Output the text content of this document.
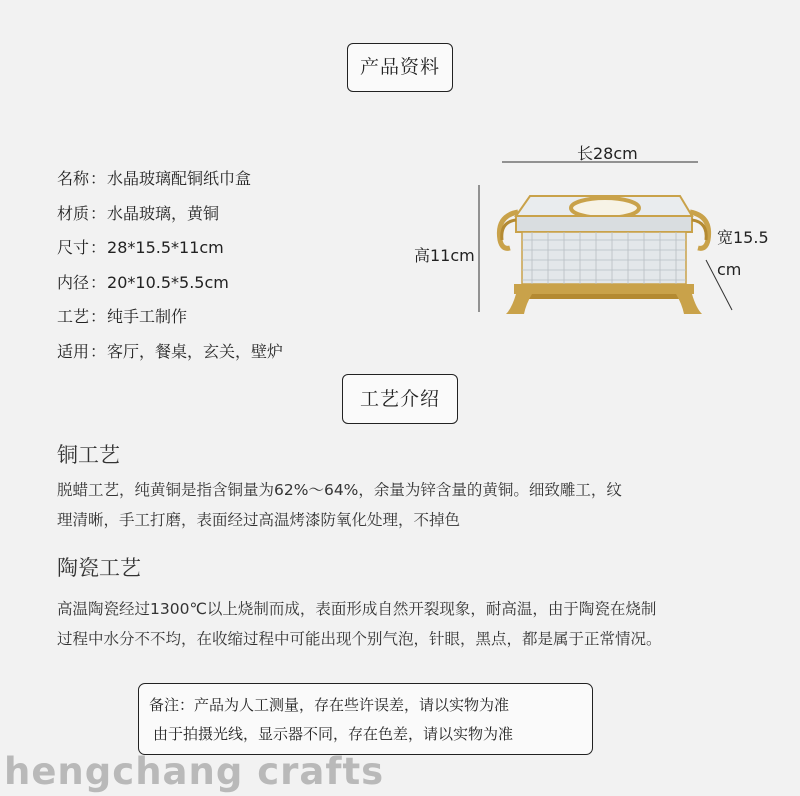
产品资料
名称：水晶玻璃配铜纸巾盒
材质：水晶玻璃，黄铜
尺寸：28*15.5*11cm
内径：20*10.5*5.5cm
工艺：纯手工制作
适用：客厅，餐桌，玄关，壁炉
长28cm
高11cm
宽15.5
cm
工艺介绍
铜工艺
脱蜡工艺，纯黄铜是指含铜量为62%～64%，余量为锌含量的黄铜。细致雕工，纹
理清晰，手工打磨，表面经过高温烤漆防氧化处理，不掉色
陶瓷工艺
高温陶瓷经过1300℃以上烧制而成，表面形成自然开裂现象，耐高温，由于陶瓷在烧制
过程中水分不不均，在收缩过程中可能出现个别气泡，针眼，黑点，都是属于正常情况。
备注：产品为人工测量，存在些许误差，请以实物为准
由于拍摄光线，显示器不同，存在色差，请以实物为准
hengchang crafts
